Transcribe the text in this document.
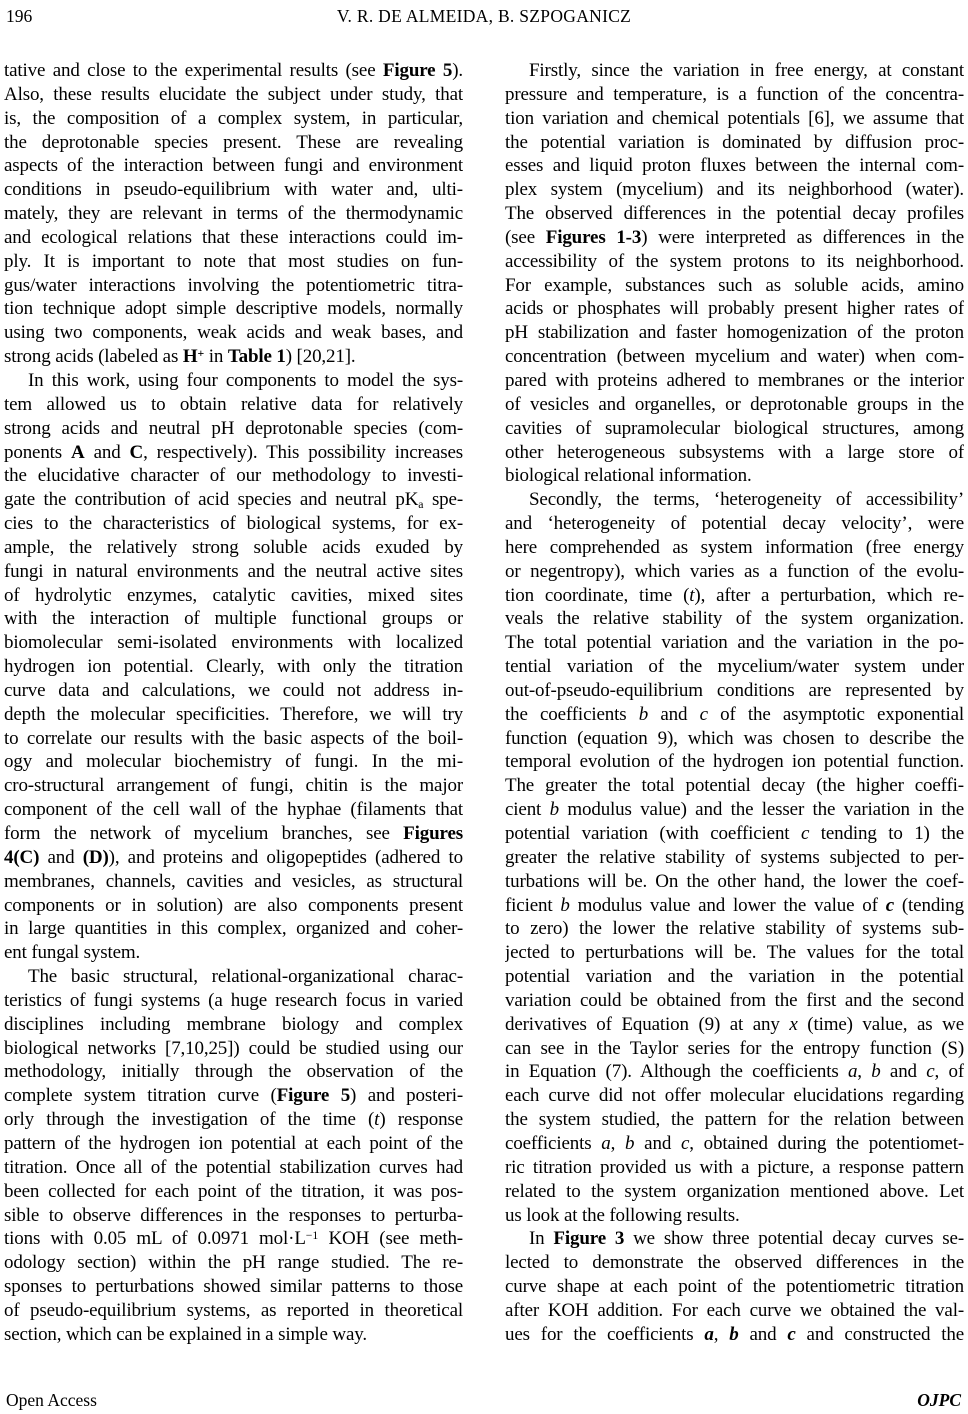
196	V. R. DE ALMEIDA, B. SZPOGANICZ
tative and close to the experimental results (see Figure 5).
Also, these results elucidate the subject under study, that
is, the composition of a complex system, in particular,
the deprotonable species present. These are revealing
aspects of the interaction between fungi and environment
conditions in pseudo-equilibrium with water and, ulti-
mately, they are relevant in terms of the thermodynamic
and ecological relations that these interactions could im-
ply. It is important to note that most studies on fun-
gus/water interactions involving the potentiometric titra-
tion technique adopt simple descriptive models, normally
using two components, weak acids and weak bases, and
strong acids (labeled as H+ in Table 1) [20,21].
In this work, using four components to model the sys-
tem allowed us to obtain relative data for relatively
strong acids and neutral pH deprotonable species (com-
ponents A and C, respectively). This possibility increases
the elucidative character of our methodology to investi-
gate the contribution of acid species and neutral pKa spe-
cies to the characteristics of biological systems, for ex-
ample, the relatively strong soluble acids exuded by
fungi in natural environments and the neutral active sites
of hydrolytic enzymes, catalytic cavities, mixed sites
with the interaction of multiple functional groups or
biomolecular semi-isolated environments with localized
hydrogen ion potential. Clearly, with only the titration
curve data and calculations, we could not address in-
depth the molecular specificities. Therefore, we will try
to correlate our results with the basic aspects of the boil-
ogy and molecular biochemistry of fungi. In the mi-
cro-structural arrangement of fungi, chitin is the major
component of the cell wall of the hyphae (filaments that
form the network of mycelium branches, see Figures
4(C) and (D)), and proteins and oligopeptides (adhered to
membranes, channels, cavities and vesicles, as structural
components or in solution) are also components present
in large quantities in this complex, organized and coher-
ent fungal system.
The basic structural, relational-organizational charac-
teristics of fungi systems (a huge research focus in varied
disciplines including membrane biology and complex
biological networks [7,10,25]) could be studied using our
methodology, initially through the observation of the
complete system titration curve (Figure 5) and posteri-
orly through the investigation of the time (t) response
pattern of the hydrogen ion potential at each point of the
titration. Once all of the potential stabilization curves had
been collected for each point of the titration, it was pos-
sible to observe differences in the responses to perturba-
tions with 0.05 mL of 0.0971 $mol\cdot L^{-1}$ KOH (see meth-
odology section) within the pH range studied. The re-
sponses to perturbations showed similar patterns to those
of pseudo-equilibrium systems, as reported in theoretical
section, which can be explained in a simple way.
Firstly, since the variation in free energy, at constant
pressure and temperature, is a function of the concentra-
tion variation and chemical potentials [6], we assume that
the potential variation is dominated by diffusion proc-
esses and liquid proton fluxes between the internal com-
plex system (mycelium) and its neighborhood (water).
The observed differences in the potential decay profiles
(see Figures 1-3) were interpreted as differences in the
accessibility of the system protons to its neighborhood.
For example, substances such as soluble acids, amino
acids or phosphates will probably present higher rates of
pH stabilization and faster homogenization of the proton
concentration (between mycelium and water) when com-
pared with proteins adhered to membranes or the interior
of vesicles and organelles, or deprotonable groups in the
cavities of supramolecular biological structures, among
other heterogeneous subsystems with a large store of
biological relational information.
Secondly, the terms, ‘heterogeneity of accessibility’
and ‘heterogeneity of potential decay velocity’, were
here comprehended as system information (free energy
or negentropy), which varies as a function of the evolu-
tion coordinate, time (t), after a perturbation, which re-
veals the relative stability of the system organization.
The total potential variation and the variation in the po-
tential variation of the mycelium/water system under
out-of-pseudo-equilibrium conditions are represented by
the coefficients b and c of the asymptotic exponential
function (equation 9), which was chosen to describe the
temporal evolution of the hydrogen ion potential function.
The greater the total potential decay (the higher coeffi-
cient b modulus value) and the lesser the variation in the
potential variation (with coefficient c tending to 1) the
greater the relative stability of systems subjected to per-
turbations will be. On the other hand, the lower the coef-
ficient b modulus value and lower the value of c (tending
to zero) the lower the relative stability of systems sub-
jected to perturbations will be. The values for the total
potential variation and the variation in the potential
variation could be obtained from the first and the second
derivatives of Equation (9) at any x (time) value, as we
can see in the Taylor series for the entropy function (S)
in Equation (7). Although the coefficients a, b and c, of
each curve did not offer molecular elucidations regarding
the system studied, the pattern for the relation between
coefficients a, b and c, obtained during the potentiomet-
ric titration provided us with a picture, a response pattern
related to the system organization mentioned above. Let
us look at the following results.
In Figure 3 we show three potential decay curves se-
lected to demonstrate the observed differences in the
curve shape at each point of the potentiometric titration
after KOH addition. For each curve we obtained the val-
ues for the coefficients a, b and c and constructed the
Open Access	OJPC
